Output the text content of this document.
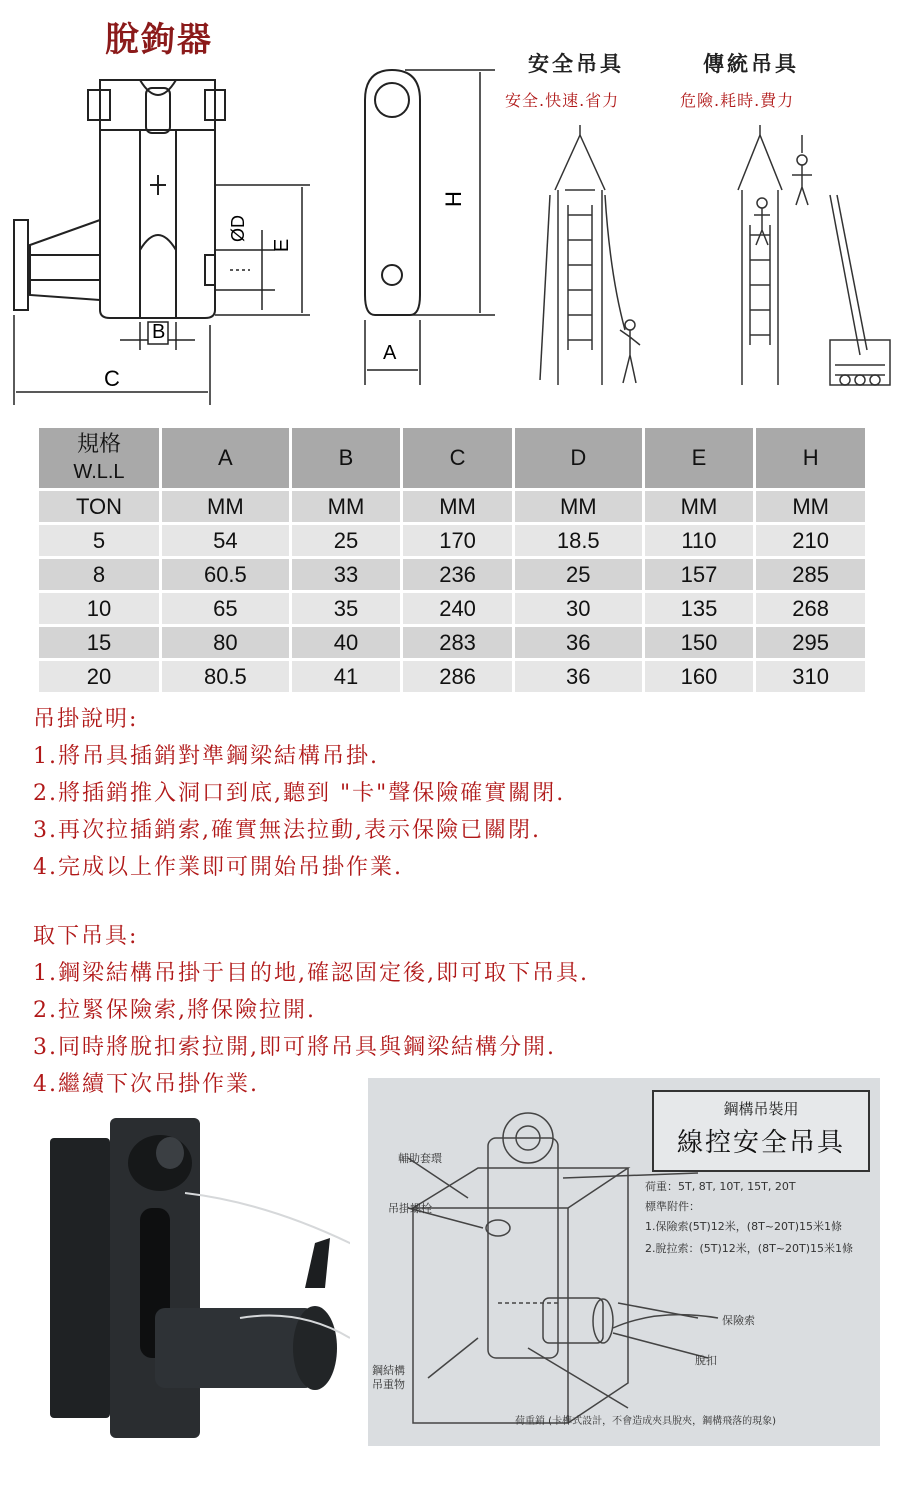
脫鉤器
B
C
ØD
E
H
A
安全吊具	傳統吊具
安全.快速.省力	危險.耗時.費力
規格
W.L.L	A	B	C	D	E	H
TON	MM	MM	MM	MM	MM	MM
5	54	25	170	18.5	110	210
8	60.5	33	236	25	157	285
10	65	35	240	30	135	268
15	80	40	283	36	150	295
20	80.5	41	286	36	160	310
吊掛說明:
1.將吊具插銷對準鋼梁結構吊掛.
2.將插銷推入洞口到底,聽到 "卡"聲保險確實關閉.
3.再次拉插銷索,確實無法拉動,表示保險已關閉.
4.完成以上作業即可開始吊掛作業.
取下吊具:
1.鋼梁結構吊掛于目的地,確認固定後,即可取下吊具.
2.拉緊保險索,將保險拉開.
3.同時將脫扣索拉開,即可將吊具與鋼梁結構分開.
4.繼續下次吊掛作業.
鋼構吊裝用
線控安全吊具
荷重：5T, 8T, 10T, 15T, 20T
標準附件：
1.保險索(5T)12米，(8T~20T)15米1條
2.脫拉索：(5T)12米，(8T~20T)15米1條
輔助套環
吊掛螺栓
保險索
脫扣
鋼結構
吊重物
荷重銷 (卡榫式設計，不會造成夾具脫夾，鋼構飛落的現象)
